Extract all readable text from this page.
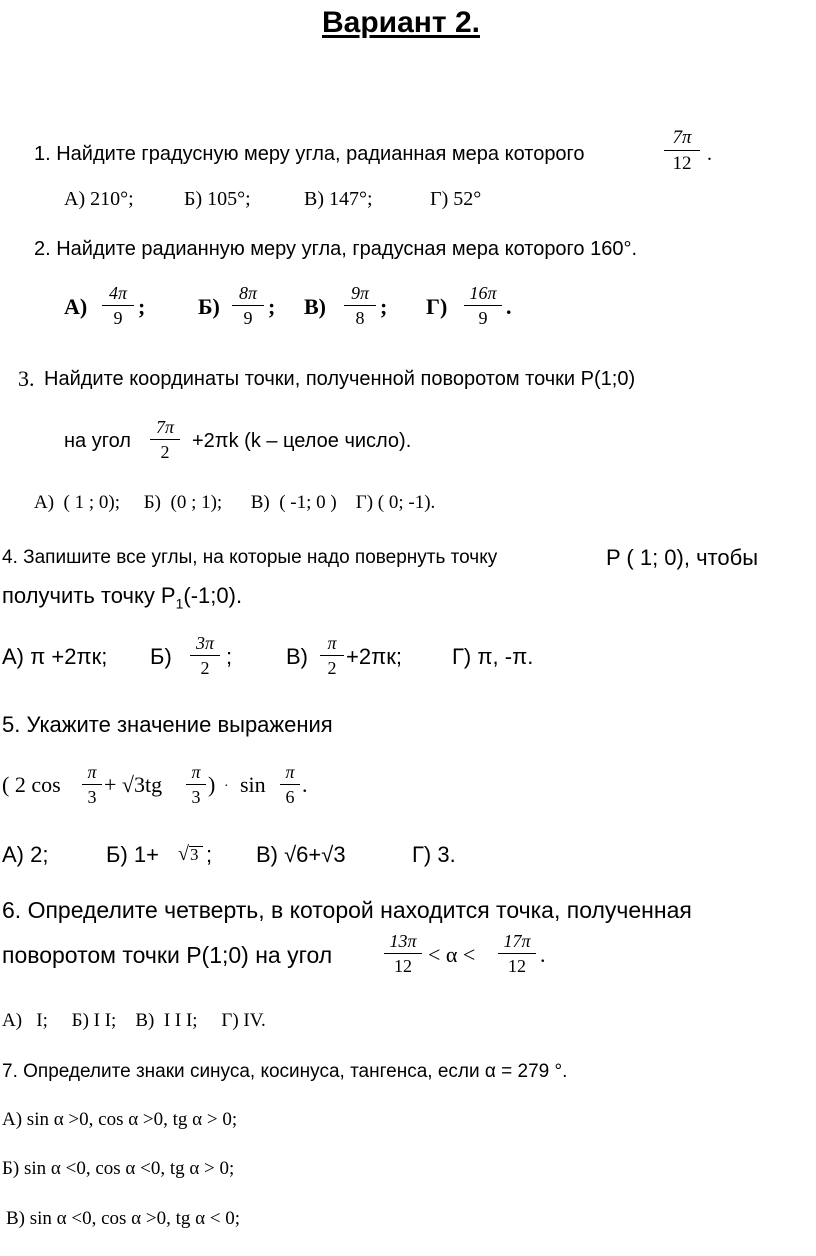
Вариант 2.
1. Найдите градусную меру угла, радианная мера которого
7π
12 .
А) 210°;	Б) 105°;	В) 147°;	Г) 52°
2. Найдите радианную меру угла, градусная мера которого 160°.
А)
4π
9 ; Б)
8π
9 ; В)
9π
8 ; Г)
16π
9 .
3. Найдите координаты точки, полученной поворотом точки P(1;0)
на угол
7π
2	+2πk (k – целое число).
А)  ( 1 ; 0);     Б)  (0 ; 1);      В)  ( -1; 0 )    Г) ( 0; -1).
4. Запишите все углы, на которые надо повернуть точку	P ( 1; 0), чтобы
получить точку $P_1(-1;0)$.
А) π +2πк; Б)
3π
2 ; В)
π
2 +2πк; Г) π, -π.
5. Укажите значение выражения
( 2 cos	π
3 + √3tg	π
3 ) · sin	π
6 .
А) 2;	Б) 1+ √ 3 ; В) √6+√3	Г) 3.
6. Определите четверть, в которой находится точка, полученная
поворотом точки P(1;0) на угол
13π
12 < α <
17π
12 .
А)   I;     Б) I I;    В)  I I I;     Г) IV.
7. Определите знаки синуса, косинуса, тангенса, если α = 279 °.
А) sin α >0, cos α >0, tg α > 0;
Б) sin α <0, cos α <0, tg α > 0;
В) sin α <0, cos α >0, tg α < 0;
